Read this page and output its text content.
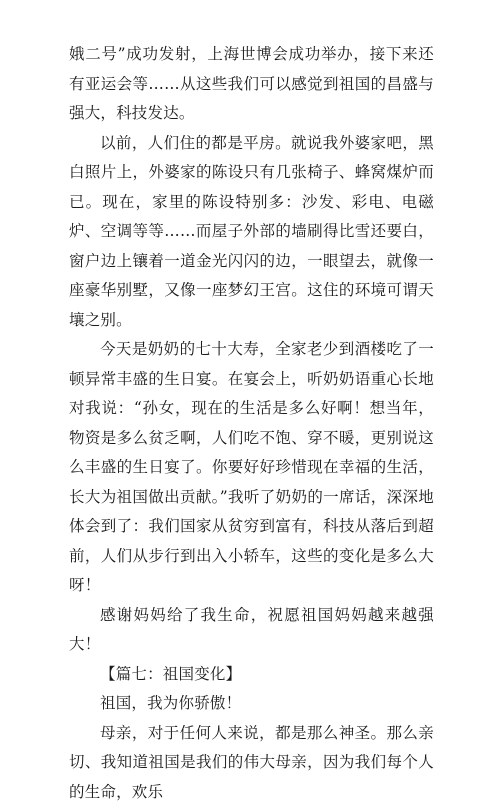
娥二号”成功发射，上海世博会成功举办，接下来还有亚运会等……从这些我们可以感觉到祖国的昌盛与强大，科技发达。

以前，人们住的都是平房。就说我外婆家吧，黑白照片上，外婆家的陈设只有几张椅子、蜂窝煤炉而已。现在，家里的陈设特别多：沙发、彩电、电磁炉、空调等等……而屋子外部的墙刷得比雪还要白，窗户边上镶着一道金光闪闪的边，一眼望去，就像一座豪华别墅，又像一座梦幻王宫。这住的环境可谓天壤之别。

今天是奶奶的七十大寿，全家老少到酒楼吃了一顿异常丰盛的生日宴。在宴会上，听奶奶语重心长地对我说：“孙女，现在的生活是多么好啊！想当年，物资是多么贫乏啊，人们吃不饱、穿不暖，更别说这么丰盛的生日宴了。你要好好珍惜现在幸福的生活，长大为祖国做出贡献。”我听了奶奶的一席话，深深地体会到了：我们国家从贫穷到富有，科技从落后到超前，人们从步行到出入小轿车，这些的变化是多么大呀！

感谢妈妈给了我生命，祝愿祖国妈妈越来越强大！

【篇七：祖国变化】

祖国，我为你骄傲！

母亲，对于任何人来说，都是那么神圣。那么亲切、我知道祖国是我们的伟大母亲，因为我们每个人的生命，欢乐
